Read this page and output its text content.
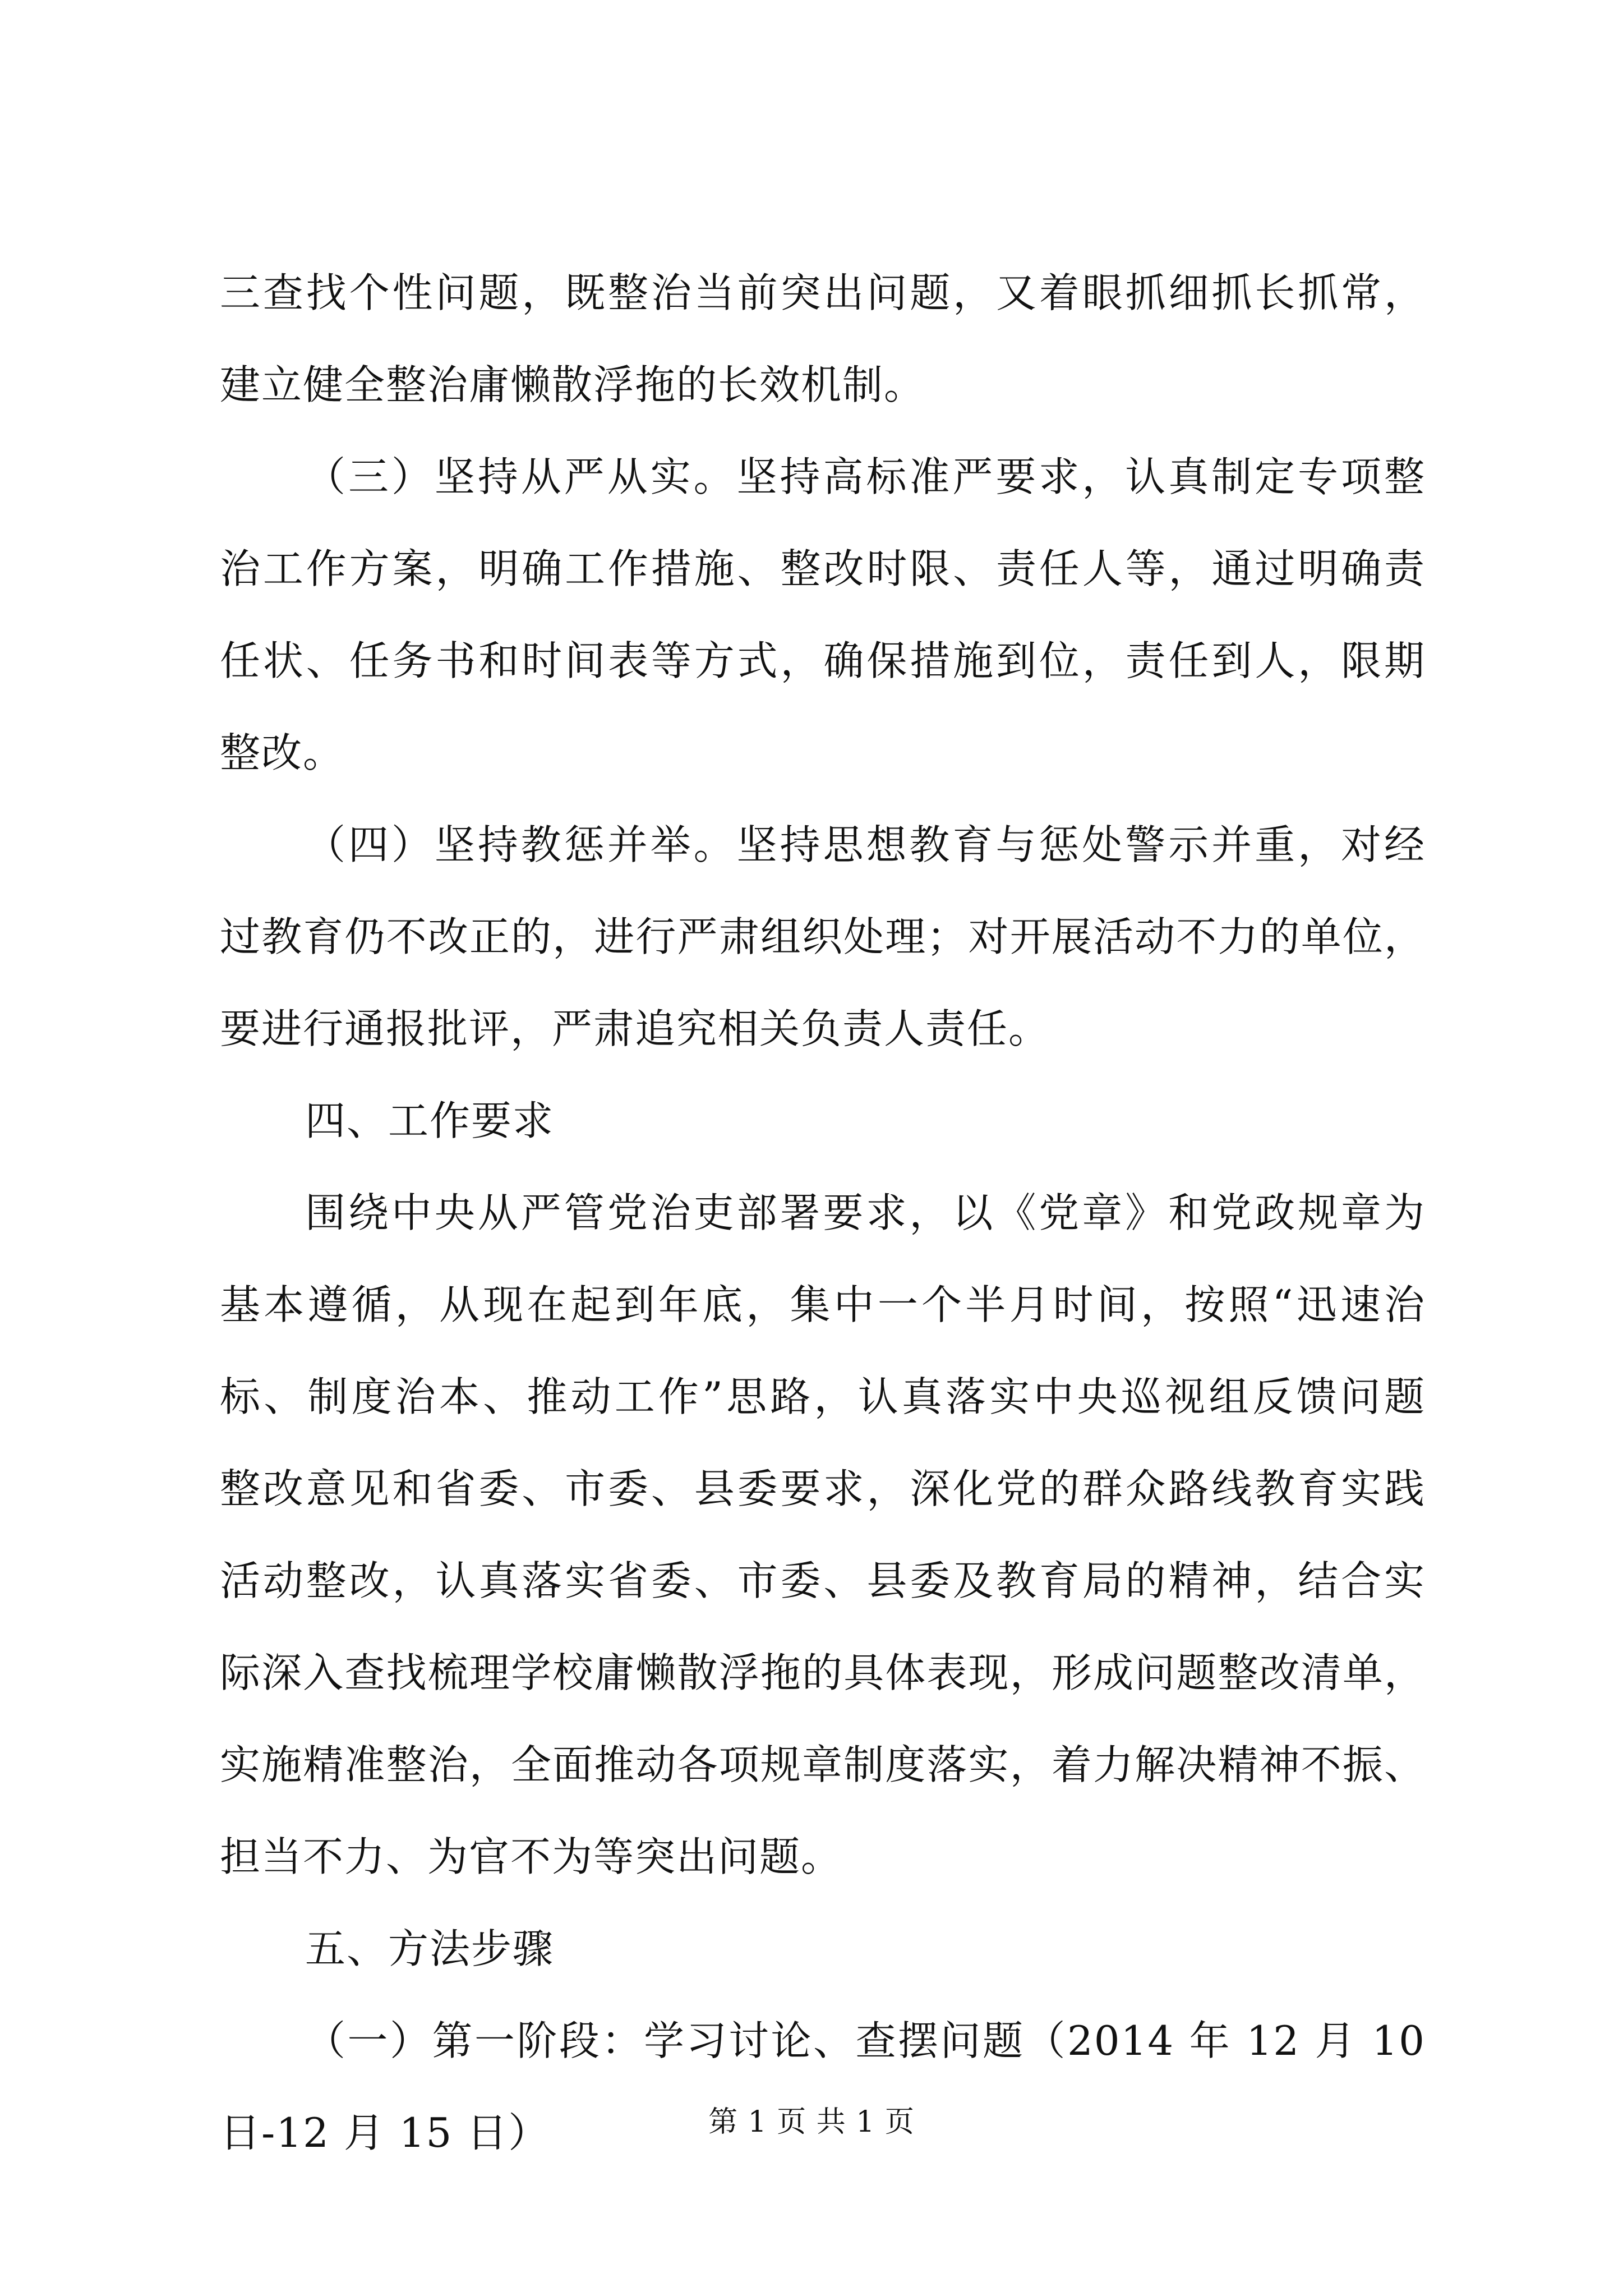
三查找个性问题，既整治当前突出问题，又着眼抓细抓长抓常，
建立健全整治庸懒散浮拖的长效机制。
（三）坚持从严从实。坚持高标准严要求，认真制定专项整
治工作方案，明确工作措施、整改时限、责任人等，通过明确责
任状、任务书和时间表等方式，确保措施到位，责任到人，限期
整改。
（四）坚持教惩并举。坚持思想教育与惩处警示并重，对经
过教育仍不改正的，进行严肃组织处理；对开展活动不力的单位，
要进行通报批评，严肃追究相关负责人责任。
四、工作要求
围绕中央从严管党治吏部署要求，以《党章》和党政规章为
基本遵循，从现在起到年底，集中一个半月时间，按照“迅速治
标、制度治本、推动工作”思路，认真落实中央巡视组反馈问题
整改意见和省委、市委、县委要求，深化党的群众路线教育实践
活动整改，认真落实省委、市委、县委及教育局的精神，结合实
际深入查找梳理学校庸懒散浮拖的具体表现，形成问题整改清单，
实施精准整治，全面推动各项规章制度落实，着力解决精神不振、
担当不力、为官不为等突出问题。
五、方法步骤
（一）第一阶段：学习讨论、查摆问题（2014 年 12 月 10
日-12 月 15 日）	第 1 页 共 1 页
